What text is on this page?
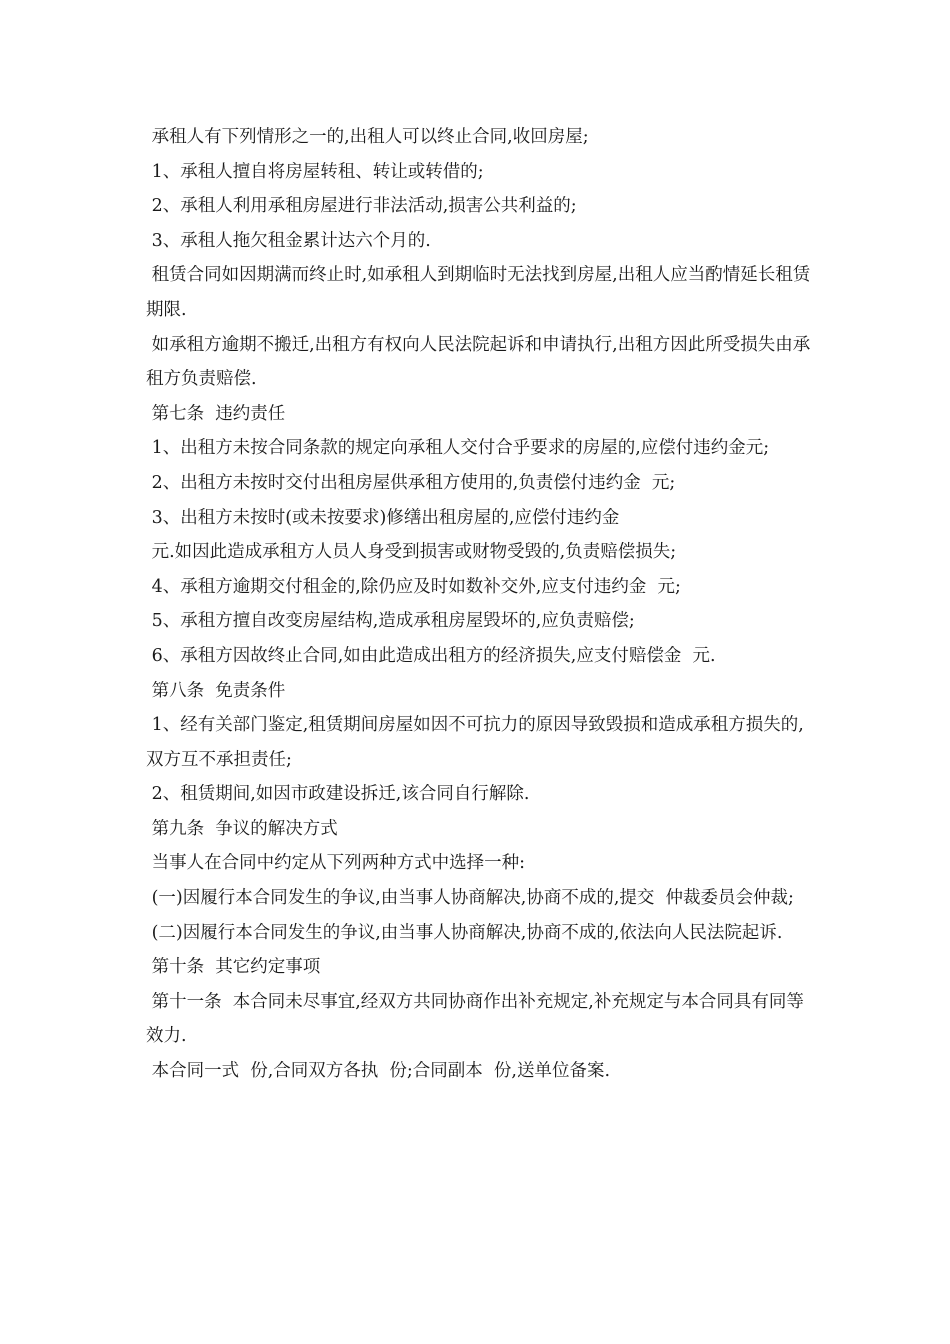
承租人有下列情形之一的,出租人可以终止合同,收回房屋;

1、承租人擅自将房屋转租、转让或转借的;

2、承租人利用承租房屋进行非法活动,损害公共利益的;

3、承租人拖欠租金累计达六个月的.

租赁合同如因期满而终止时,如承租人到期临时无法找到房屋,出租人应当酌情延长租赁期限.

如承租方逾期不搬迁,出租方有权向人民法院起诉和申请执行,出租方因此所受损失由承租方负责赔偿.

第七条  违约责任

1、出租方未按合同条款的规定向承租人交付合乎要求的房屋的,应偿付违约金元;

2、出租方未按时交付出租房屋供承租方使用的,负责偿付违约金  元;

3、出租方未按时(或未按要求)修缮出租房屋的,应偿付违约金

元.如因此造成承租方人员人身受到损害或财物受毁的,负责赔偿损失;

4、承租方逾期交付租金的,除仍应及时如数补交外,应支付违约金  元;

5、承租方擅自改变房屋结构,造成承租房屋毁坏的,应负责赔偿;

6、承租方因故终止合同,如由此造成出租方的经济损失,应支付赔偿金  元.

第八条  免责条件

1、经有关部门鉴定,租赁期间房屋如因不可抗力的原因导致毁损和造成承租方损失的,双方互不承担责任;

2、租赁期间,如因市政建设拆迁,该合同自行解除.

第九条  争议的解决方式

当事人在合同中约定从下列两种方式中选择一种:

(一)因履行本合同发生的争议,由当事人协商解决,协商不成的,提交  仲裁委员会仲裁;

(二)因履行本合同发生的争议,由当事人协商解决,协商不成的,依法向人民法院起诉.

第十条  其它约定事项

第十一条  本合同未尽事宜,经双方共同协商作出补充规定,补充规定与本合同具有同等效力.

本合同一式  份,合同双方各执  份;合同副本  份,送单位备案.
